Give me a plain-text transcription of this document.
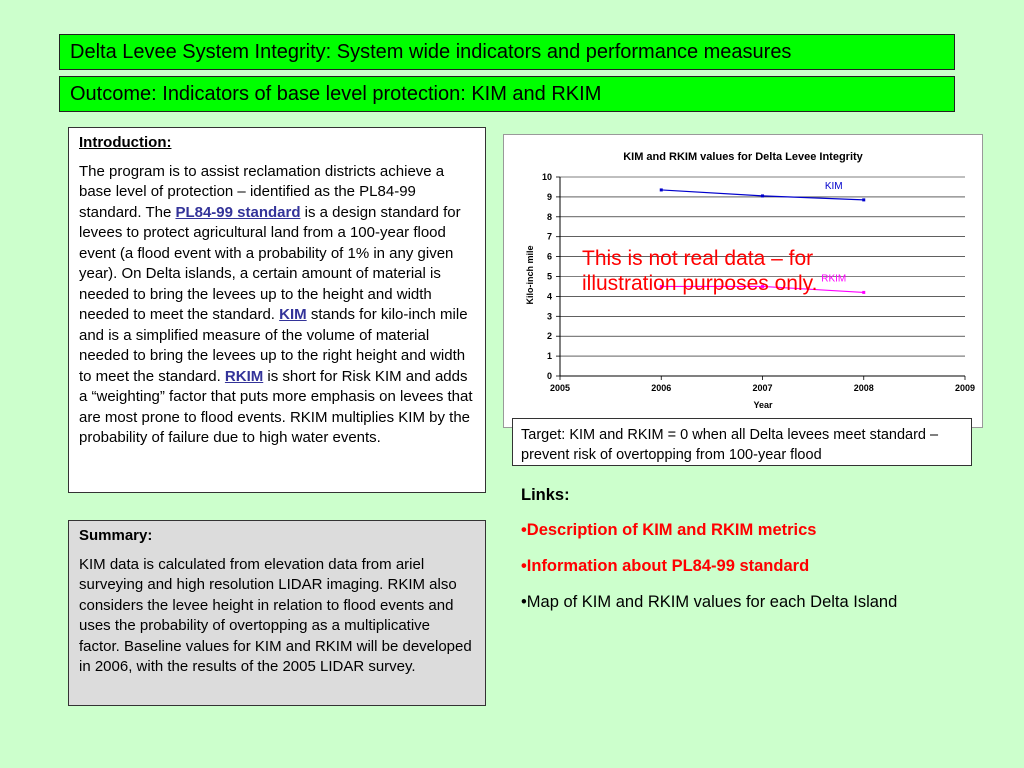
Delta Levee System Integrity: System wide indicators and performance measures
Outcome: Indicators of base level protection: KIM and RKIM
Introduction:

The program is to assist reclamation districts achieve a base level of protection – identified as the PL84-99 standard. The PL84-99 standard is a design standard for levees to protect agricultural land from a 100-year flood event (a flood event with a probability of 1% in any given year). On Delta islands, a certain amount of material is needed to bring the levees up to the height and width needed to meet the standard. KIM stands for kilo-inch mile and is a simplified measure of the volume of material needed to bring the levees up to the right height and width to meet the standard. RKIM is short for Risk KIM and adds a “weighting” factor that puts more emphasis on levees that are most prone to flood events. RKIM multiplies KIM by the probability of failure due to high water events.

Summary:

KIM data is calculated from elevation data from ariel surveying and high resolution LIDAR imaging. RKIM also considers the levee height in relation to flood events and uses the probability of overtopping as a multiplicative factor. Baseline values for KIM and RKIM will be developed in 2006, with the results of the 2005 LIDAR survey.

KIM and RKIM values for Delta Levee Integrity
0
1
2
3
4
5
6
7
8
9
10
2005	2006	2007	2008	2009
KIM
RKIM
Kilo-inch mile
Year
This is not real data – for illustration purposes only.
Target: KIM and RKIM = 0 when all Delta levees meet standard – prevent risk of overtopping from 100-year flood
Links:
•Description of KIM and RKIM metrics
•Information about PL84-99 standard
•Map of KIM and RKIM values for each Delta Island
